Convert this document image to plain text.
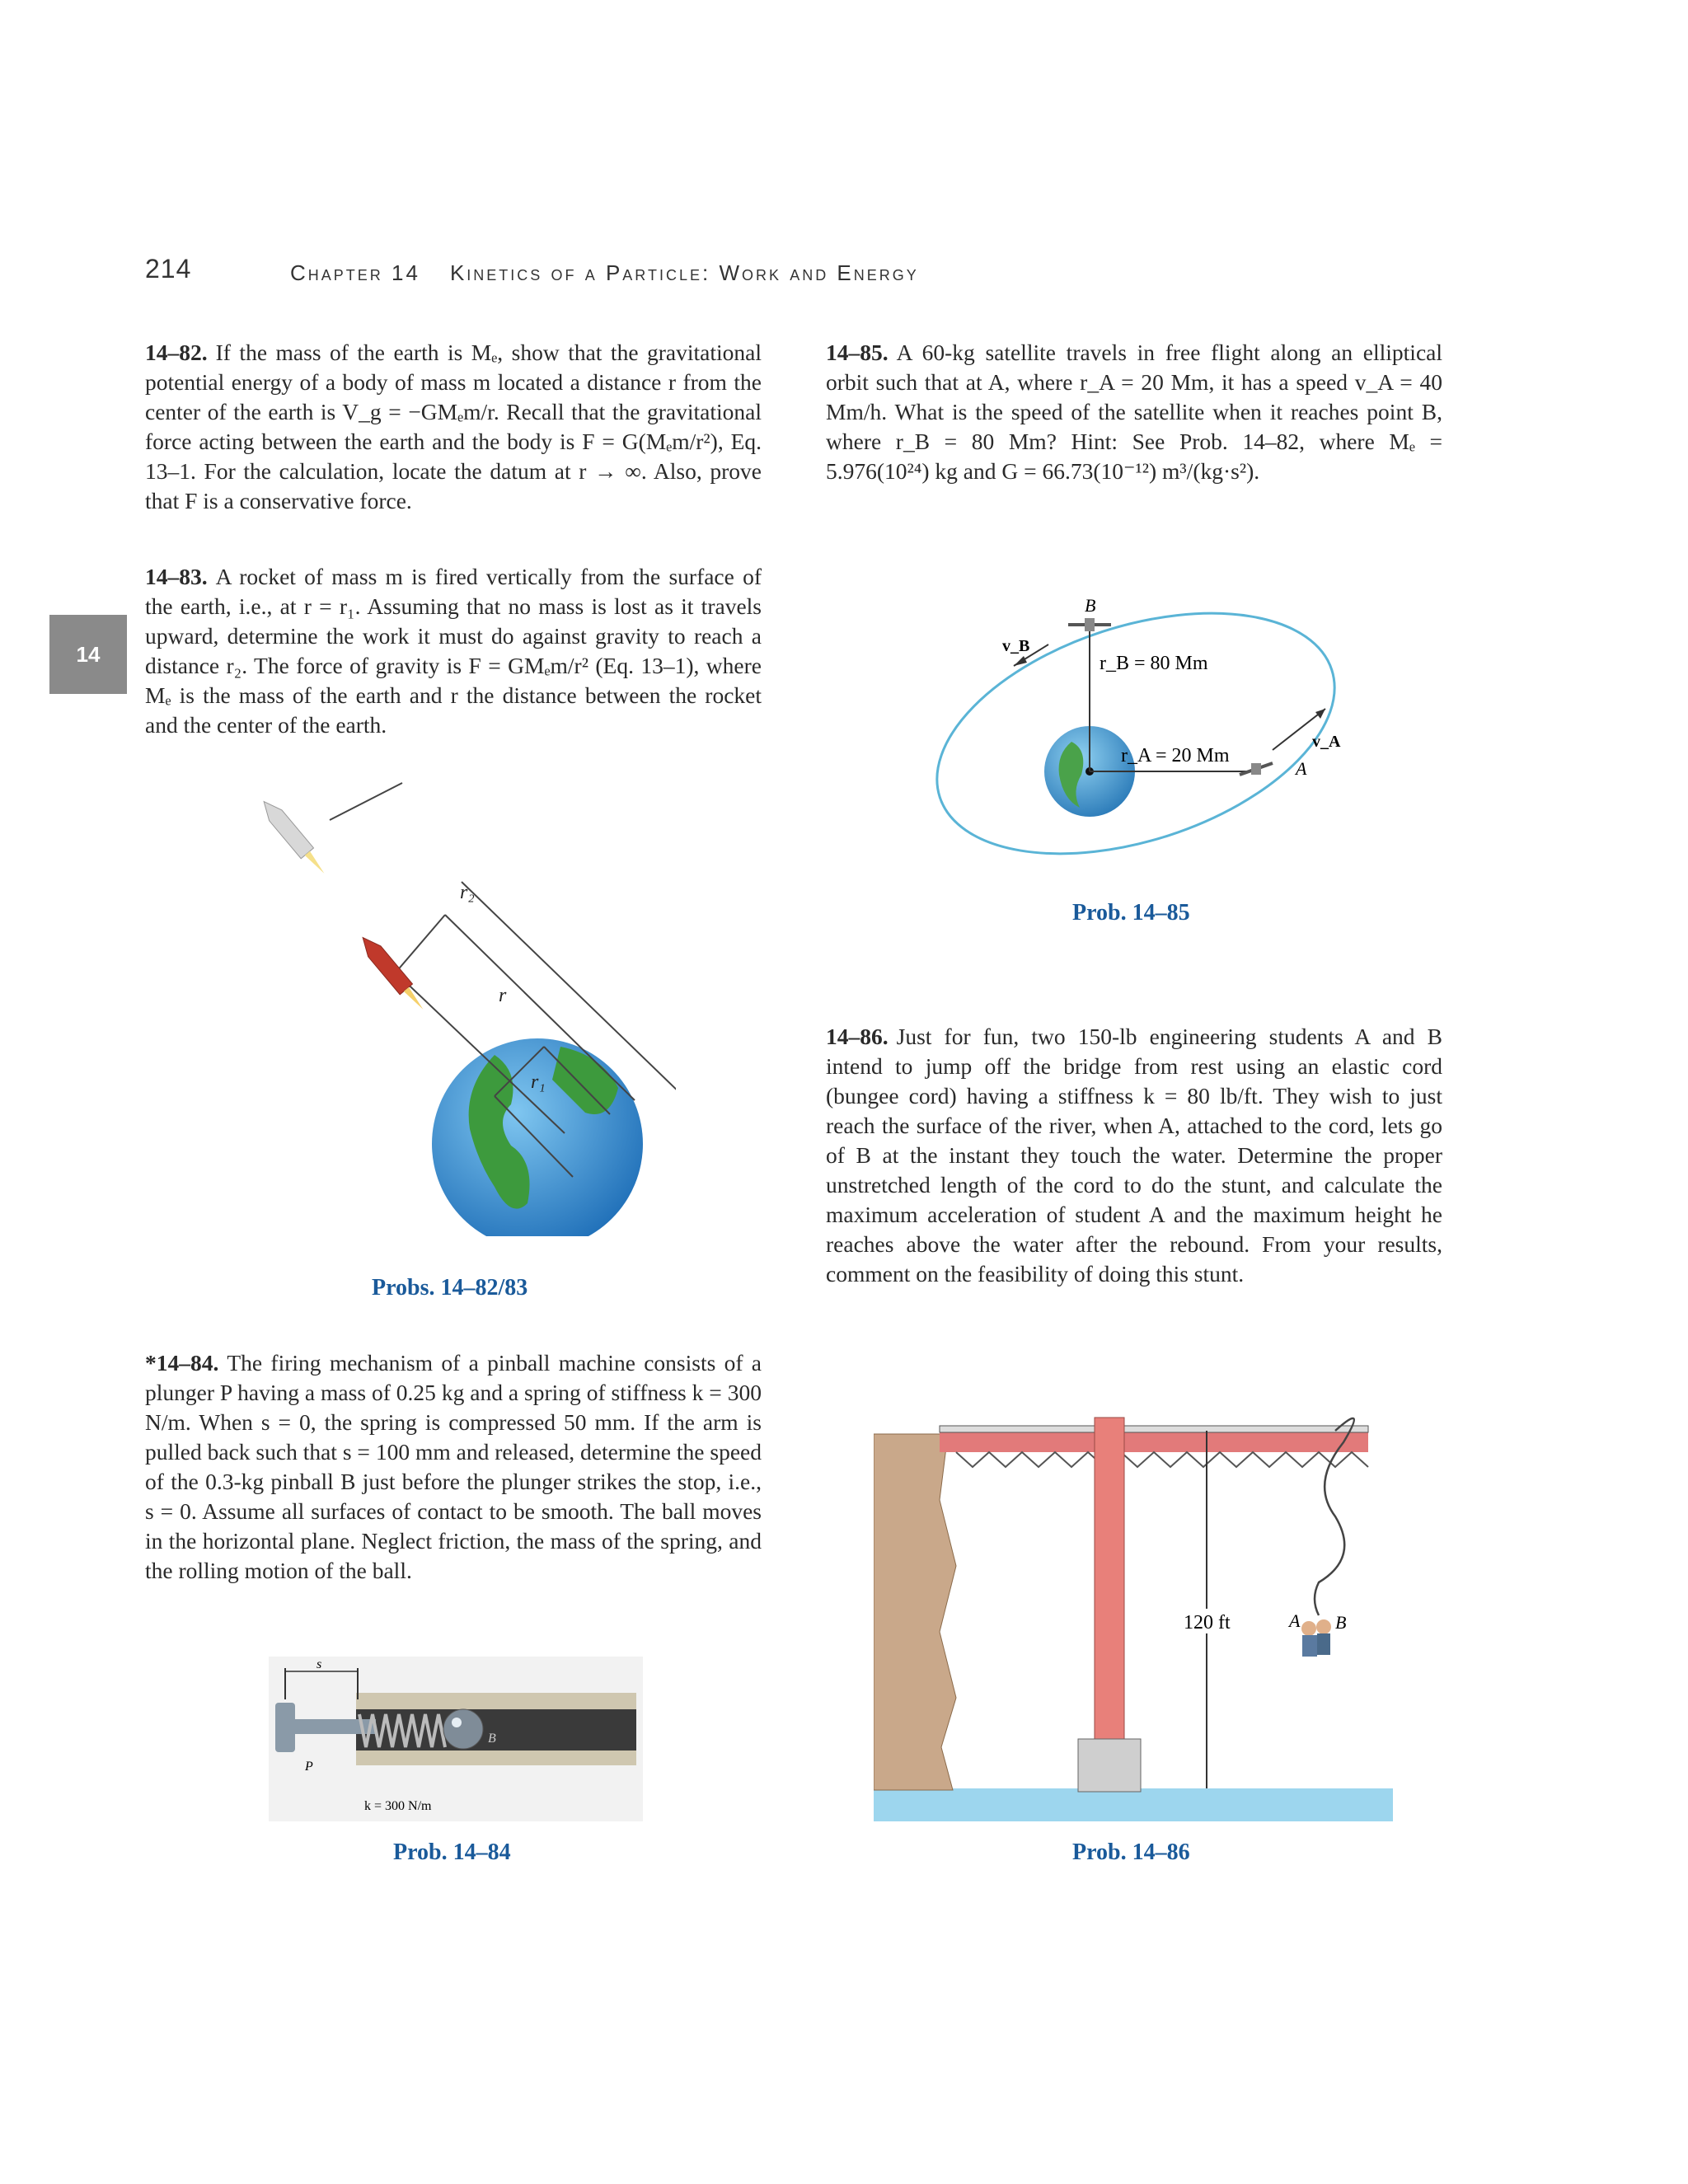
214	Chapter 14 Kinetics of a Particle: Work and Energy
14
14–82. If the mass of the earth is Mₑ, show that the gravitational potential energy of a body of mass m located a distance r from the center of the earth is V_g = −GMₑm/r. Recall that the gravitational force acting between the earth and the body is F = G(Mₑm/r²), Eq. 13–1. For the calculation, locate the datum at r → ∞. Also, prove that F is a conservative force.
14–83. A rocket of mass m is fired vertically from the surface of the earth, i.e., at r = r₁. Assuming that no mass is lost as it travels upward, determine the work it must do against gravity to reach a distance r₂. The force of gravity is F = GMₑm/r² (Eq. 13–1), where Mₑ is the mass of the earth and r the distance between the rocket and the center of the earth.
r₂
r
r₁
Probs. 14–82/83
*14–84. The firing mechanism of a pinball machine consists of a plunger P having a mass of 0.25 kg and a spring of stiffness k = 300 N/m. When s = 0, the spring is compressed 50 mm. If the arm is pulled back such that s = 100 mm and released, determine the speed of the 0.3-kg pinball B just before the plunger strikes the stop, i.e., s = 0. Assume all surfaces of contact to be smooth. The ball moves in the horizontal plane. Neglect friction, the mass of the spring, and the rolling motion of the ball.
s
P
B
k = 300 N/m
Prob. 14–84
14–85. A 60-kg satellite travels in free flight along an elliptical orbit such that at A, where r_A = 20 Mm, it has a speed v_A = 40 Mm/h. What is the speed of the satellite when it reaches point B, where r_B = 80 Mm? Hint: See Prob. 14–82, where Mₑ = 5.976(10²⁴) kg and G = 66.73(10⁻¹²) m³/(kg·s²).
B
v_B
r_B = 80 Mm
r_A = 20 Mm
v_A
A
Prob. 14–85
14–86. Just for fun, two 150-lb engineering students A and B intend to jump off the bridge from rest using an elastic cord (bungee cord) having a stiffness k = 80 lb/ft. They wish to just reach the surface of the river, when A, attached to the cord, lets go of B at the instant they touch the water. Determine the proper unstretched length of the cord to do the stunt, and calculate the maximum acceleration of student A and the maximum height he reaches above the water after the rebound. From your results, comment on the feasibility of doing this stunt.
120 ft	A B
Prob. 14–86
